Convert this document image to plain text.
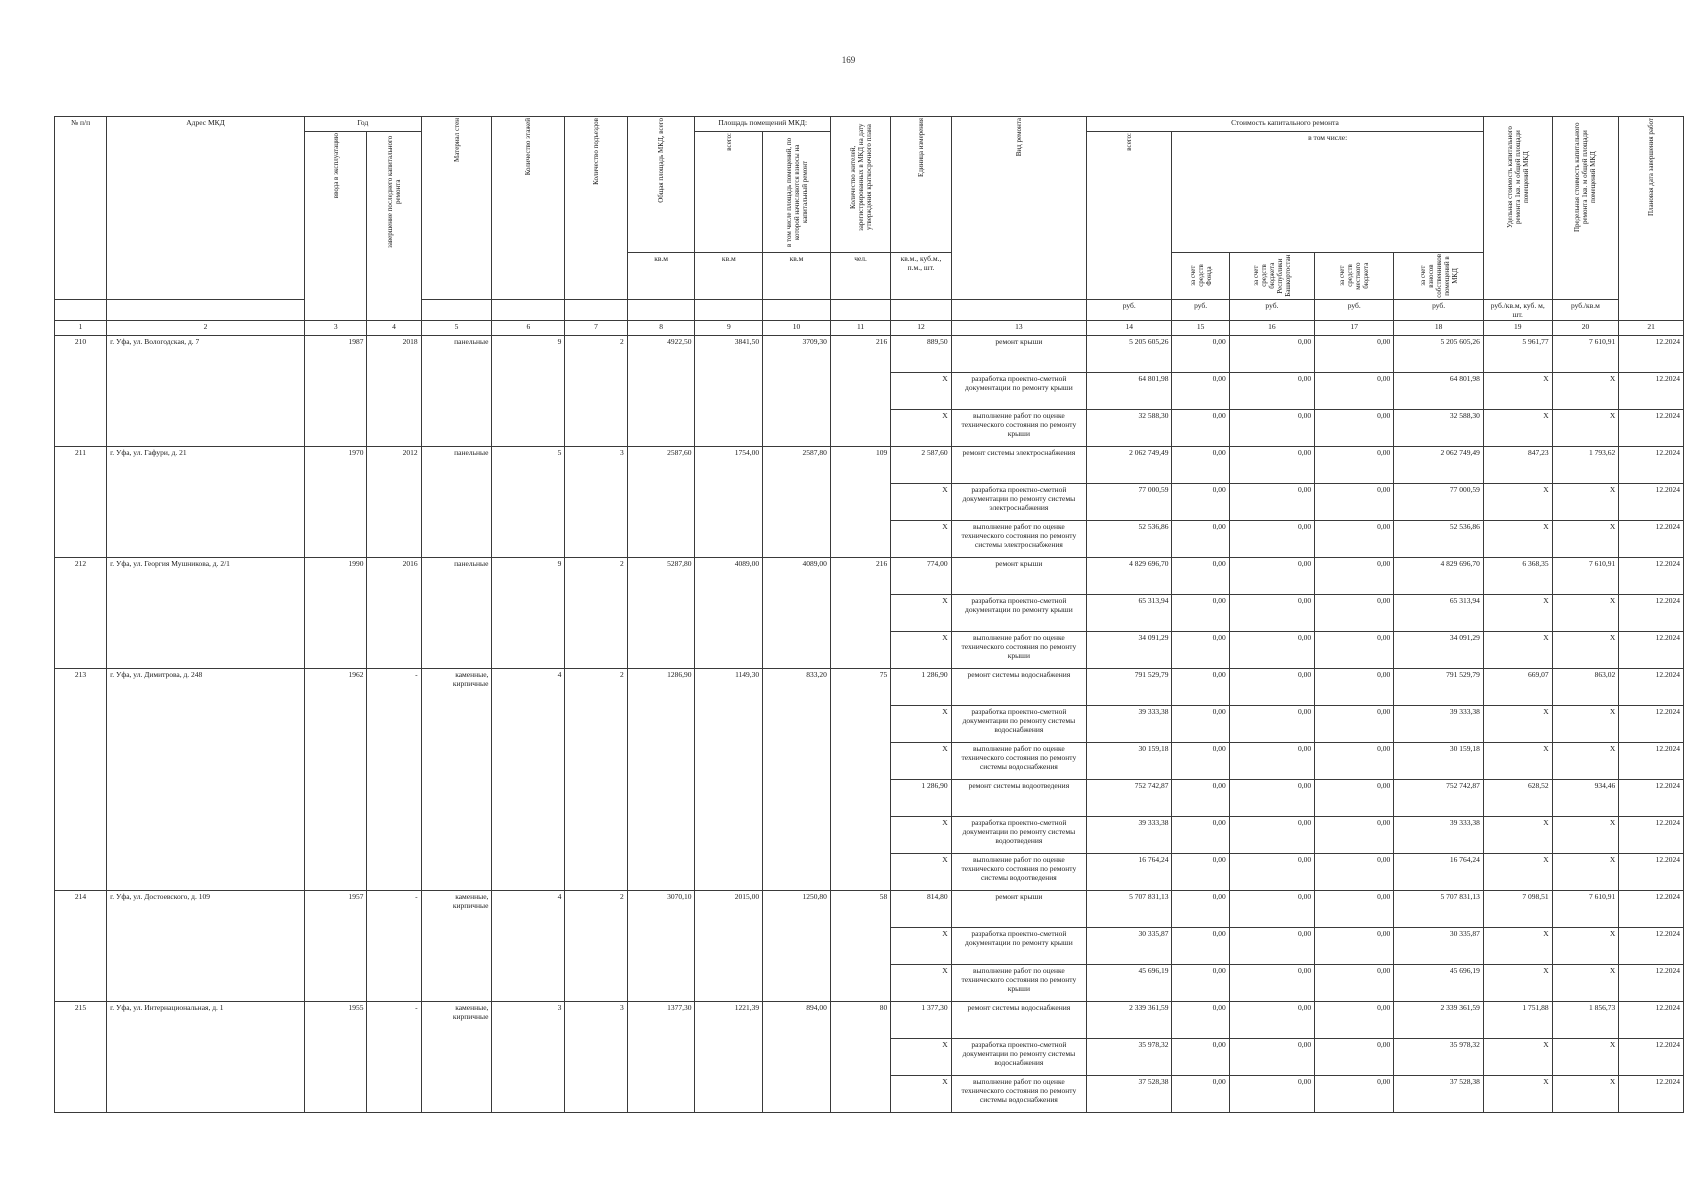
169
№ п/п	Адрес МКД	Год		Материал стен	Количество этажей	Количество подъездов	Общая площадь МКД, всего	Площадь помещений МКД:		Количество жителей, зарегистрированных в МКД на дату утверждения краткосрочного плана	Единица измерения	Вид ремонта	Стоимость капитального ремонта					Удельная стоимость капитального ремонта 1кв. м общей площади помещений МКД	Предельная стоимость капитального ремонта 1кв. м общей площади помещений МКД	Плановая дата завершения работ

		ввода в эксплуатацию	завершение последнего капитального ремонта					всего:	в том числе площадь помещений, по которой начисляются взносы на капитальный ремонт				всего:	в том числе:						
							кв.м	кв.м	кв.м	чел.	кв.м., куб.м., п.м., шт.			за счет средств Фонда	за счет средств бюджета Республики Башкортостан	за счет средств местного бюджета	за счет взносов собственников помещений в МКД			

													руб.	руб.	руб.	руб.	руб.	руб./кв.м, куб. м, шт.	руб./кв.м	
1	2	3	4	5	6	7	8	9	10	11	12	13	14	15	16	17	18	19	20	21
210	г. Уфа, ул. Вологодская, д. 7	1987	2018	панельные	9	2	4922,50	3841,50	3709,30	216	889,50	ремонт крыши	5 205 605,26	0,00	0,00	0,00	5 205 605,26	5 961,77	7 610,91	12.2024
											X	разработка проектно-сметной документации по ремонту крыши	64 801,98	0,00	0,00	0,00	64 801,98	X	X	12.2024
											X	выполнение работ по оценке технического состояния по ремонту крыши	32 588,30	0,00	0,00	0,00	32 588,30	X	X	12.2024
211	г. Уфа, ул. Гафури, д. 21	1970	2012	панельные	5	3	2587,60	1754,00	2587,80	109	2 587,60	ремонт системы электроснабжения	2 062 749,49	0,00	0,00	0,00	2 062 749,49	847,23	1 793,62	12.2024
											X	разработка проектно-сметной документации по ремонту системы электроснабжения	77 000,59	0,00	0,00	0,00	77 000,59	X	X	12.2024
											X	выполнение работ по оценке технического состояния по ремонту системы электроснабжения	52 536,86	0,00	0,00	0,00	52 536,86	X	X	12.2024
212	г. Уфа, ул. Георгия Мушникова, д. 2/1	1990	2016	панельные	9	2	5287,80	4089,00	4089,00	216	774,00	ремонт крыши	4 829 696,70	0,00	0,00	0,00	4 829 696,70	6 368,35	7 610,91	12.2024
											X	разработка проектно-сметной документации по ремонту крыши	65 313,94	0,00	0,00	0,00	65 313,94	X	X	12.2024
											X	выполнение работ по оценке технического состояния по ремонту крыши	34 091,29	0,00	0,00	0,00	34 091,29	X	X	12.2024
213	г. Уфа, ул. Димитрова, д. 248	1962	-	каменные, кирпичные	4	2	1286,90	1149,30	833,20	75	1 286,90	ремонт системы водоснабжения	791 529,79	0,00	0,00	0,00	791 529,79	669,07	863,02	12.2024
											X	разработка проектно-сметной документации по ремонту системы водоснабжения	39 333,38	0,00	0,00	0,00	39 333,38	X	X	12.2024
											X	выполнение работ по оценке технического состояния по ремонту системы водоснабжения	30 159,18	0,00	0,00	0,00	30 159,18	X	X	12.2024
											1 286,90	ремонт системы водоотведения	752 742,87	0,00	0,00	0,00	752 742,87	628,52	934,46	12.2024
											X	разработка проектно-сметной документации по ремонту системы водоотведения	39 333,38	0,00	0,00	0,00	39 333,38	X	X	12.2024
											X	выполнение работ по оценке технического состояния по ремонту системы водоотведения	16 764,24	0,00	0,00	0,00	16 764,24	X	X	12.2024
214	г. Уфа, ул. Достоевского, д. 109	1957	-	каменные, кирпичные	4	2	3070,10	2015,00	1250,80	58	814,80	ремонт крыши	5 707 831,13	0,00	0,00	0,00	5 707 831,13	7 098,51	7 610,91	12.2024
											X	разработка проектно-сметной документации по ремонту крыши	30 335,87	0,00	0,00	0,00	30 335,87	X	X	12.2024
											X	выполнение работ по оценке технического состояния по ремонту крыши	45 696,19	0,00	0,00	0,00	45 696,19	X	X	12.2024
215	г. Уфа, ул. Интернациональная, д. 1	1955	-	каменные, кирпичные	3	3	1377,30	1221,39	894,00	80	1 377,30	ремонт системы водоснабжения	2 339 361,59	0,00	0,00	0,00	2 339 361,59	1 751,88	1 856,73	12.2024
											X	разработка проектно-сметной документации по ремонту системы водоснабжения	35 978,32	0,00	0,00	0,00	35 978,32	X	X	12.2024
											X	выполнение работ по оценке технического состояния по ремонту системы водоснабжения	37 528,38	0,00	0,00	0,00	37 528,38	X	X	12.2024
